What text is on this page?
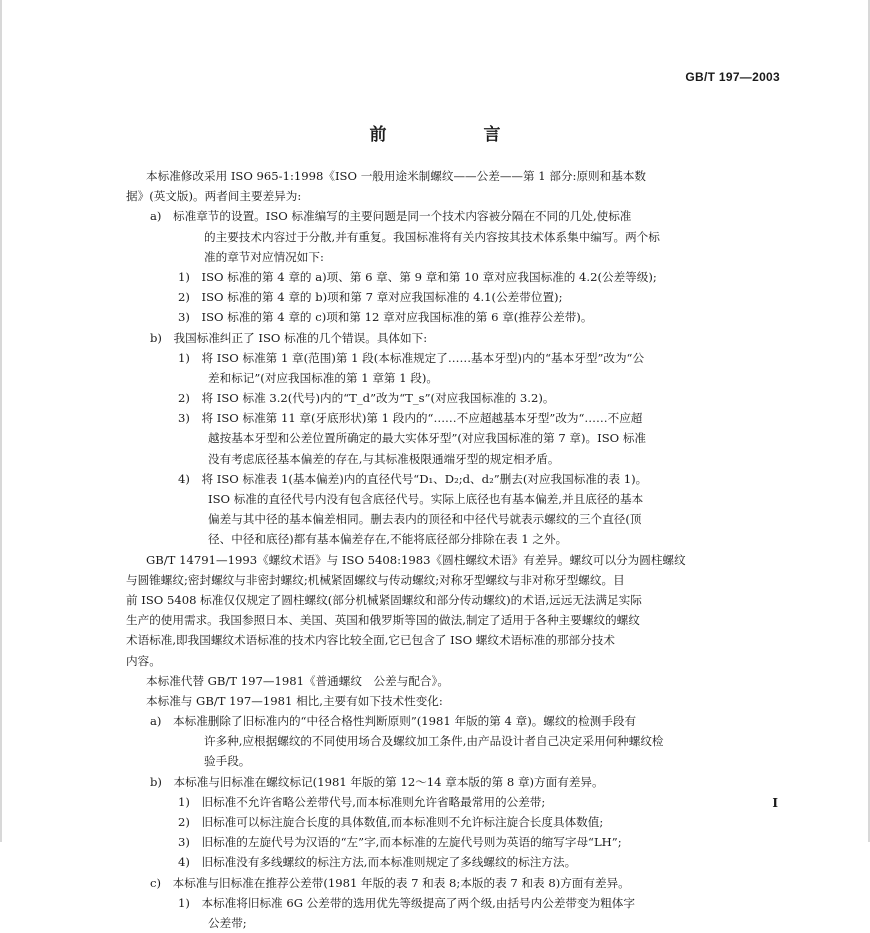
GB/T 197—2003
前　言
本标准修改采用 ISO 965-1:1998《ISO 一般用途米制螺纹——公差——第 1 部分:原则和基本数
据》(英文版)。两者间主要差异为:
a)　标准章节的设置。ISO 标准编写的主要问题是同一个技术内容被分隔在不同的几处,使标准
的主要技术内容过于分散,并有重复。我国标准将有关内容按其技术体系集中编写。两个标
准的章节对应情况如下:
1)　ISO 标准的第 4 章的 a)项、第 6 章、第 9 章和第 10 章对应我国标准的 4.2(公差等级);
2)　ISO 标准的第 4 章的 b)项和第 7 章对应我国标准的 4.1(公差带位置);
3)　ISO 标准的第 4 章的 c)项和第 12 章对应我国标准的第 6 章(推荐公差带)。
b)　我国标准纠正了 ISO 标准的几个错误。具体如下:
1)　将 ISO 标准第 1 章(范围)第 1 段(本标准规定了……基本牙型)内的“基本牙型”改为“公
差和标记”(对应我国标准的第 1 章第 1 段)。
2)　将 ISO 标准 3.2(代号)内的“T_d”改为“T_s”(对应我国标准的 3.2)。
3)　将 ISO 标准第 11 章(牙底形状)第 1 段内的“……不应超越基本牙型”改为“……不应超
越按基本牙型和公差位置所确定的最大实体牙型”(对应我国标准的第 7 章)。ISO 标准
没有考虑底径基本偏差的存在,与其标准极限通端牙型的规定相矛盾。
4)　将 ISO 标准表 1(基本偏差)内的直径代号“D₁、D₂;d、d₂”删去(对应我国标准的表 1)。
ISO 标准的直径代号内没有包含底径代号。实际上底径也有基本偏差,并且底径的基本
偏差与其中径的基本偏差相同。删去表内的顶径和中径代号就表示螺纹的三个直径(顶
径、中径和底径)都有基本偏差存在,不能将底径部分排除在表 1 之外。
GB/T 14791—1993《螺纹术语》与 ISO 5408:1983《圆柱螺纹术语》有差异。螺纹可以分为圆柱螺纹
与圆锥螺纹;密封螺纹与非密封螺纹;机械紧固螺纹与传动螺纹;对称牙型螺纹与非对称牙型螺纹。目
前 ISO 5408 标准仅仅规定了圆柱螺纹(部分机械紧固螺纹和部分传动螺纹)的术语,远远无法满足实际
生产的使用需求。我国参照日本、美国、英国和俄罗斯等国的做法,制定了适用于各种主要螺纹的螺纹
术语标准,即我国螺纹术语标准的技术内容比较全面,它已包含了 ISO 螺纹术语标准的那部分技术
内容。
本标准代替 GB/T 197—1981《普通螺纹　公差与配合》。
本标准与 GB/T 197—1981 相比,主要有如下技术性变化:
a)　本标准删除了旧标准内的“中径合格性判断原则”(1981 年版的第 4 章)。螺纹的检测手段有
许多种,应根据螺纹的不同使用场合及螺纹加工条件,由产品设计者自己决定采用何种螺纹检
验手段。
b)　本标准与旧标准在螺纹标记(1981 年版的第 12～14 章本版的第 8 章)方面有差异。
1)　旧标准不允许省略公差带代号,而本标准则允许省略最常用的公差带;
2)　旧标准可以标注旋合长度的具体数值,而本标准则不允许标注旋合长度具体数值;
3)　旧标准的左旋代号为汉语的“左”字,而本标准的左旋代号则为英语的缩写字母“LH”;
4)　旧标准没有多线螺纹的标注方法,而本标准则规定了多线螺纹的标注方法。
c)　本标准与旧标准在推荐公差带(1981 年版的表 7 和表 8;本版的表 7 和表 8)方面有差异。
1)　本标准将旧标准 6G 公差带的选用优先等级提高了两个级,由括号内公差带变为粗体字
公差带;
I
